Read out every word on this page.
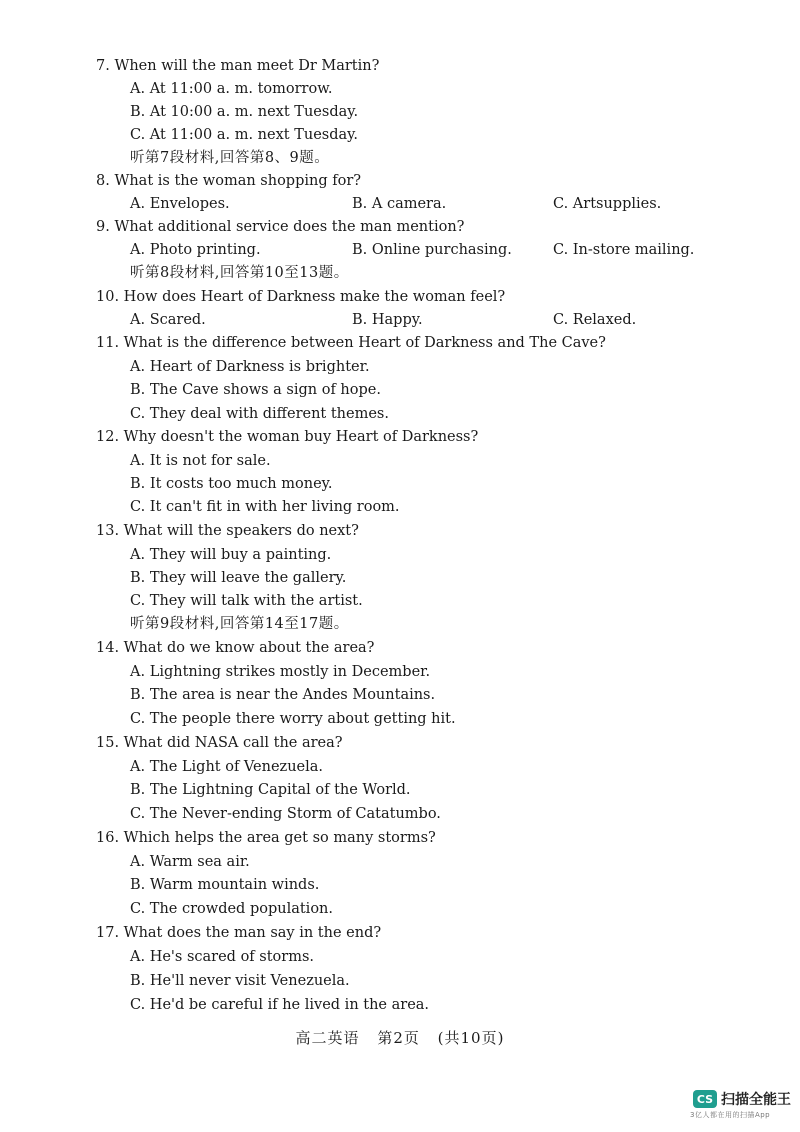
7. When will the man meet Dr Martin?
A. At 11:00 a. m. tomorrow.
B. At 10:00 a. m. next Tuesday.
C. At 11:00 a. m. next Tuesday.
听第7段材料,回答第8、9题。
8. What is the woman shopping for?
A. Envelopes.	B. A camera.	C. Artsupplies.
9. What additional service does the man mention?
A. Photo printing.	B. Online purchasing.	C. In-store mailing.
听第8段材料,回答第10至13题。
10. How does Heart of Darkness make the woman feel?
A. Scared.	B. Happy.	C. Relaxed.
11. What is the difference between Heart of Darkness and The Cave?
A. Heart of Darkness is brighter.
B. The Cave shows a sign of hope.
C. They deal with different themes.
12. Why doesn't the woman buy Heart of Darkness?
A. It is not for sale.
B. It costs too much money.
C. It can't fit in with her living room.
13. What will the speakers do next?
A. They will buy a painting.
B. They will leave the gallery.
C. They will talk with the artist.
听第9段材料,回答第14至17题。
14. What do we know about the area?
A. Lightning strikes mostly in December.
B. The area is near the Andes Mountains.
C. The people there worry about getting hit.
15. What did NASA call the area?
A. The Light of Venezuela.
B. The Lightning Capital of the World.
C. The Never-ending Storm of Catatumbo.
16. Which helps the area get so many storms?
A. Warm sea air.
B. Warm mountain winds.
C. The crowded population.
17. What does the man say in the end?
A. He's scared of storms.
B. He'll never visit Venezuela.
C. He'd be careful if he lived in the area.
高二英语 第2页 (共10页)
CS 扫描全能王
3亿人都在用的扫描App
